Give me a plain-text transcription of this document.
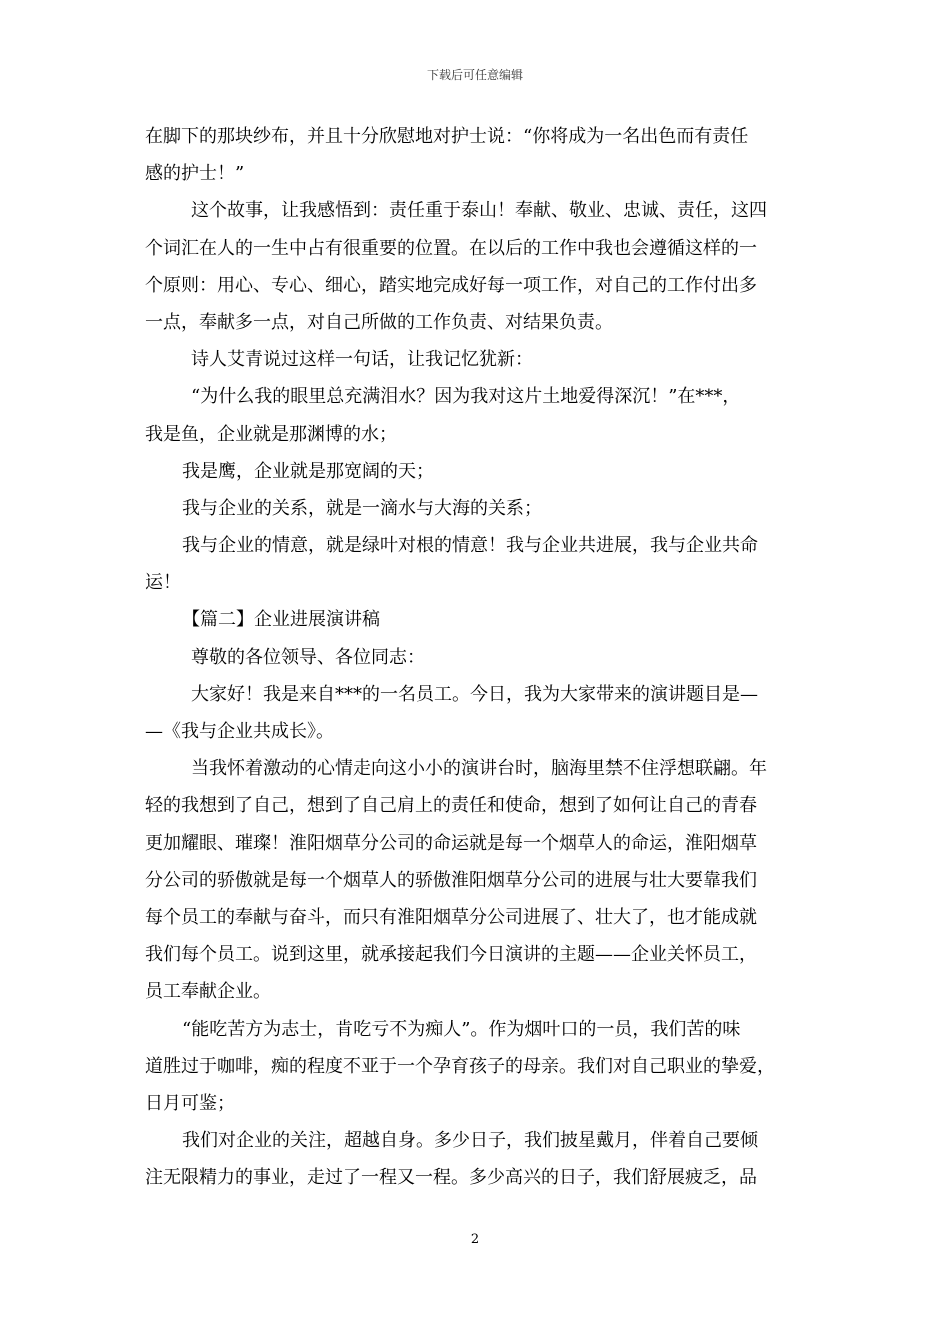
下载后可任意编辑
在脚下的那块纱布，并且十分欣慰地对护士说：“你将成为一名出色而有责任
感的护士！”
这个故事，让我感悟到：责任重于泰山！奉献、敬业、忠诚、责任，这四
个词汇在人的一生中占有很重要的位置。在以后的工作中我也会遵循这样的一
个原则：用心、专心、细心，踏实地完成好每一项工作，对自己的工作付出多
一点，奉献多一点，对自己所做的工作负责、对结果负责。
诗人艾青说过这样一句话，让我记忆犹新：
“为什么我的眼里总充满泪水？因为我对这片土地爱得深沉！”在***，
我是鱼，企业就是那渊博的水；
我是鹰，企业就是那宽阔的天；
我与企业的关系，就是一滴水与大海的关系；
我与企业的情意，就是绿叶对根的情意！我与企业共进展，我与企业共命
运！
【篇二】企业进展演讲稿
尊敬的各位领导、各位同志：
大家好！我是来自***的一名员工。今日，我为大家带来的演讲题目是—
—《我与企业共成长》。
当我怀着激动的心情走向这小小的演讲台时，脑海里禁不住浮想联翩。年
轻的我想到了自己，想到了自己肩上的责任和使命，想到了如何让自己的青春
更加耀眼、璀璨！淮阳烟草分公司的命运就是每一个烟草人的命运，淮阳烟草
分公司的骄傲就是每一个烟草人的骄傲淮阳烟草分公司的进展与壮大要靠我们
每个员工的奉献与奋斗，而只有淮阳烟草分公司进展了、壮大了，也才能成就
我们每个员工。说到这里，就承接起我们今日演讲的主题——企业关怀员工，
员工奉献企业。
“能吃苦方为志士，肯吃亏不为痴人”。作为烟叶口的一员，我们苦的味
道胜过于咖啡，痴的程度不亚于一个孕育孩子的母亲。我们对自己职业的挚爱，
日月可鉴；
我们对企业的关注，超越自身。多少日子，我们披星戴月，伴着自己要倾
注无限精力的事业，走过了一程又一程。多少高兴的日子，我们舒展疲乏，品
2
